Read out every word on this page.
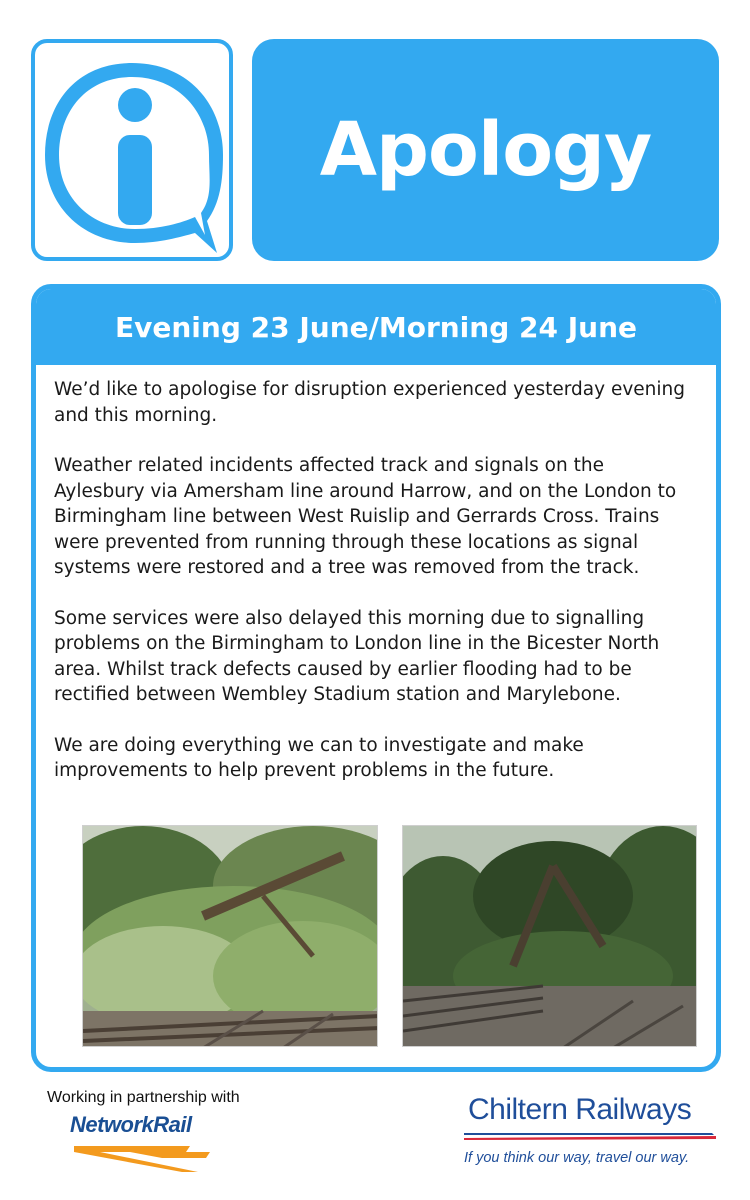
Apology
Evening 23 June/Morning 24 June

We’d like to apologise for disruption experienced yesterday evening and this morning.

Weather related incidents affected track and signals on the Aylesbury via Amersham line around Harrow, and on the London to Birmingham line between West Ruislip and Gerrards Cross. Trains were prevented from running through these locations as signal systems were restored and a tree was removed from the track.

Some services were also delayed this morning due to signalling problems on the Birmingham to London line in the Bicester North area. Whilst track defects caused by earlier flooding had to be rectified between Wembley Stadium station and Marylebone.

We are doing everything we can to investigate and make improvements to help prevent problems in the future.

Working in partnership with
NetworkRail	Chiltern Railways
If you think our way, travel our way.
